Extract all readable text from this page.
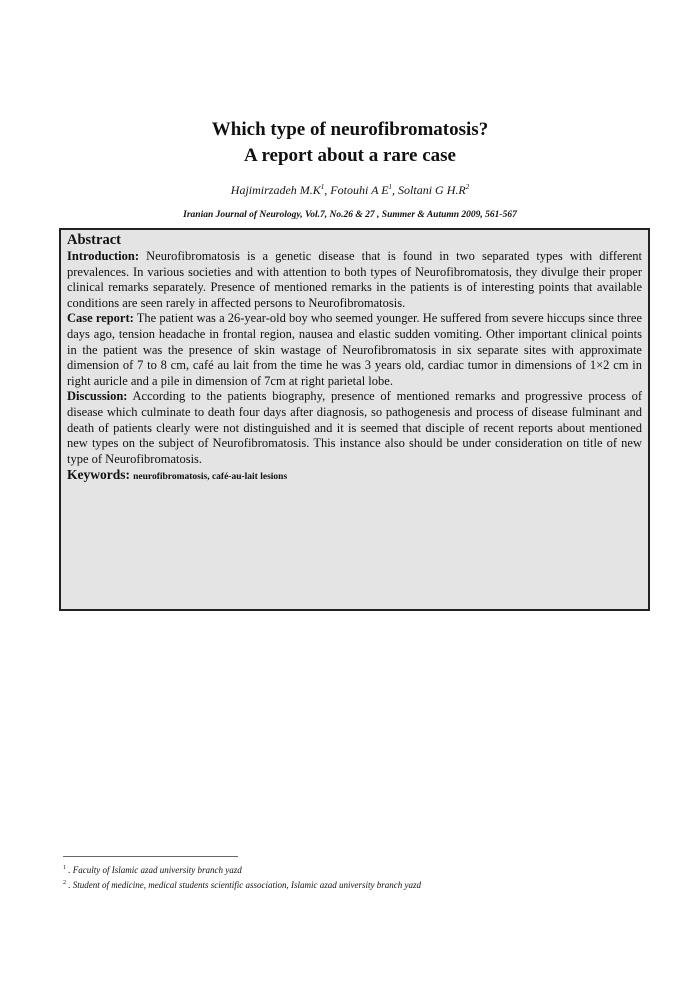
Which type of neurofibromatosis?
A report about a rare case
Hajimirzadeh $M.K^1$, Fotouhi A $E^1$, Soltani G $H.R^2$
Iranian Journal of Neurology, Vol.7, No.26 & 27 , Summer & Autumn 2009, 561-567
Abstract

Introduction: Neurofibromatosis is a genetic disease that is found in two separated types with different prevalences. In various societies and with attention to both types of Neurofibromatosis, they divulge their proper clinical remarks separately. Presence of mentioned remarks in the patients is of interesting points that available conditions are seen rarely in affected persons to Neurofibromatosis.

Case report: The patient was a 26-year-old boy who seemed younger. He suffered from severe hiccups since three days ago, tension headache in frontal region, nausea and elastic sudden vomiting. Other important clinical points in the patient was the presence of skin wastage of Neurofibromatosis in six separate sites with approximate dimension of 7 to 8 cm, café au lait from the time he was 3 years old, cardiac tumor in dimensions of 1×2 cm in right auricle and a pile in dimension of 7cm at right parietal lobe.

Discussion: According to the patients biography, presence of mentioned remarks and progressive process of disease which culminate to death four days after diagnosis, so pathogenesis and process of disease fulminant and death of patients clearly were not distinguished and it is seemed that disciple of recent reports about mentioned new types on the subject of Neurofibromatosis. This instance also should be under consideration on title of new type of Neurofibromatosis.

Keywords: neurofibromatosis, café-au-lait lesions

$^1$ . Faculty of Islamic azad university branch yazd
$^2$ . Student of medicine, medical students scientific association, Islamic azad university branch yazd
